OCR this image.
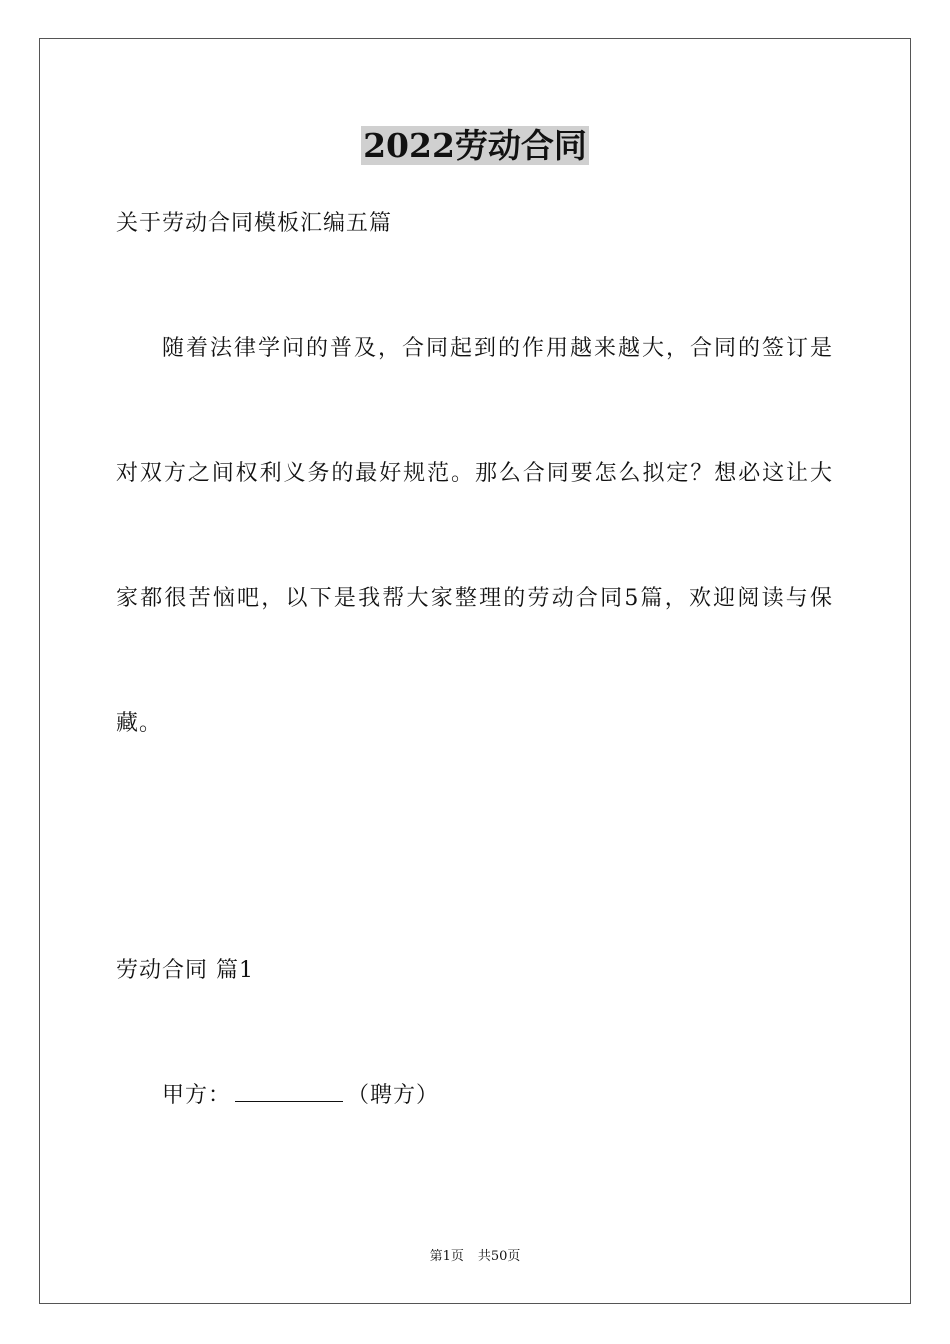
2022劳动合同
关于劳动合同模板汇编五篇
随着法律学问的普及，合同起到的作用越来越大，合同的签订是
对双方之间权利义务的最好规范。那么合同要怎么拟定？想必这让大
家都很苦恼吧，以下是我帮大家整理的劳动合同5篇，欢迎阅读与保
藏。
劳动合同 篇1
甲方：	（聘方）
第1页 共50页
